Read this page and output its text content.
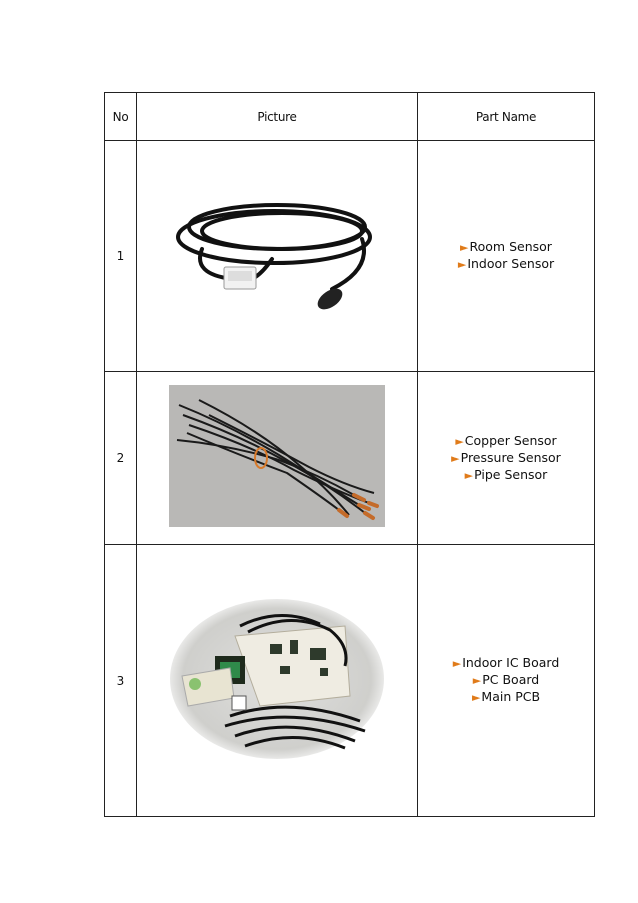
No	Picture	Part Name
1		►Room Sensor
►Indoor Sensor

2		►Copper Sensor
►Pressure Sensor
►Pipe Sensor

3		►Indoor IC Board
►PC Board
►Main PCB
